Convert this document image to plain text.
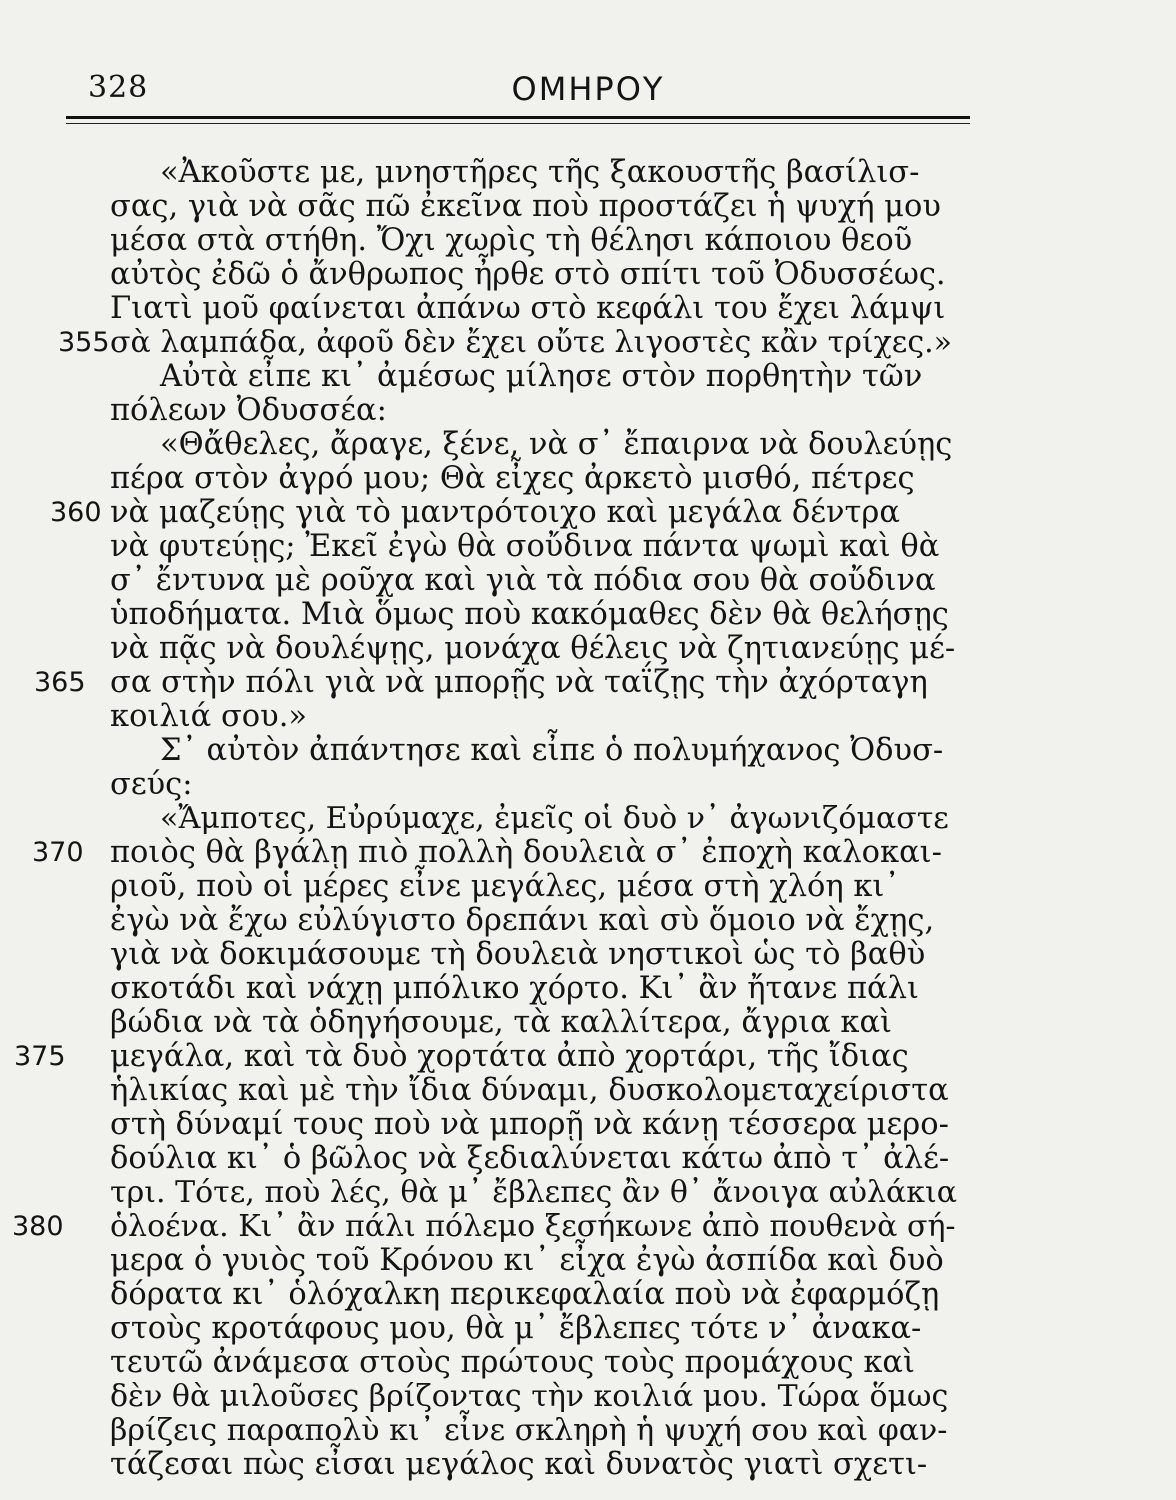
328	ΟΜΗΡΟΥ
«Ἀκοῦστε με, μνηστῆρες τῆς ξακουστῆς βασίλισ-
σας, γιὰ νὰ σᾶς πῶ ἐκεῖνα ποὺ προστάζει ἡ ψυχή μου
μέσα στὰ στήθη. Ὄχι χωρὶς τὴ θέλησι κάποιου θεοῦ
αὐτὸς ἐδῶ ὁ ἄνθρωπος ἦρθε στὸ σπίτι τοῦ Ὀδυσσέως.
Γιατὶ μοῦ φαίνεται ἀπάνω στὸ κεφάλι του ἔχει λάμψι
σὰ λαμπάδα, ἀφοῦ δὲν ἔχει οὔτε λιγοστὲς κἂν τρίχες.»
Αὐτὰ εἶπε κι᾿ ἀμέσως μίλησε στὸν πορθητὴν τῶν
πόλεων Ὀδυσσέα:
«Θἄθελες, ἄραγε, ξένε, νὰ σ᾿ ἔπαιρνα νὰ δουλεύῃς
πέρα στὸν ἀγρό μου; Θὰ εἶχες ἀρκετὸ μισθό, πέτρες
νὰ μαζεύῃς γιὰ τὸ μαντρότοιχο καὶ μεγάλα δέντρα
νὰ φυτεύῃς; Ἐκεῖ ἐγὼ θὰ σοὔδινα πάντα ψωμὶ καὶ θὰ
σ᾿ ἔντυνα μὲ ροῦχα καὶ γιὰ τὰ πόδια σου θὰ σοὔδινα
ὑποδήματα. Μιὰ ὅμως ποὺ κακόμαθες δὲν θὰ θελήσῃς
νὰ πᾷς νὰ δουλέψῃς, μονάχα θέλεις νὰ ζητιανεύῃς μέ-
σα στὴν πόλι γιὰ νὰ μπορῇς νὰ ταΐζῃς τὴν ἀχόρταγη
κοιλιά σου.»
Σ᾿ αὐτὸν ἀπάντησε καὶ εἶπε ὁ πολυμήχανος Ὀδυσ-
σεύς:
«Ἄμποτες, Εὐρύμαχε, ἐμεῖς οἱ δυὸ ν᾿ ἀγωνιζόμαστε
ποιὸς θὰ βγάλῃ πιὸ πολλὴ δουλειὰ σ᾿ ἐποχὴ καλοκαι-
ριοῦ, ποὺ οἱ μέρες εἶνε μεγάλες, μέσα στὴ χλόη κι᾿
ἐγὼ νὰ ἔχω εὐλύγιστο δρεπάνι καὶ σὺ ὅμοιο νὰ ἔχῃς,
γιὰ νὰ δοκιμάσουμε τὴ δουλειὰ νηστικοὶ ὡς τὸ βαθὺ
σκοτάδι καὶ νάχῃ μπόλικο χόρτο. Κι᾿ ἂν ἤτανε πάλι
βώδια νὰ τὰ ὁδηγήσουμε, τὰ καλλίτερα, ἄγρια καὶ
μεγάλα, καὶ τὰ δυὸ χορτάτα ἀπὸ χορτάρι, τῆς ἴδιας
ἡλικίας καὶ μὲ τὴν ἴδια δύναμι, δυσκολομεταχείριστα
στὴ δύναμί τους ποὺ νὰ μπορῇ νὰ κάνῃ τέσσερα μερο-
δούλια κι᾿ ὁ βῶλος νὰ ξεδιαλύνεται κάτω ἀπὸ τ᾿ ἀλέ-
τρι. Τότε, ποὺ λές, θὰ μ᾿ ἔβλεπες ἂν θ᾿ ἄνοιγα αὐλάκια
ὁλοένα. Κι᾿ ἂν πάλι πόλεμο ξεσήκωνε ἀπὸ πουθενὰ σή-
μερα ὁ γυιὸς τοῦ Κρόνου κι᾿ εἶχα ἐγὼ ἀσπίδα καὶ δυὸ
δόρατα κι᾿ ὁλόχαλκη περικεφαλαία ποὺ νὰ ἐφαρμόζῃ
στοὺς κροτάφους μου, θὰ μ᾿ ἔβλεπες τότε ν᾿ ἀνακα-
τευτῶ ἀνάμεσα στοὺς πρώτους τοὺς προμάχους καὶ
δὲν θὰ μιλοῦσες βρίζοντας τὴν κοιλιά μου. Τώρα ὅμως
βρίζεις παραπολὺ κι᾿ εἶνε σκληρὴ ἡ ψυχή σου καὶ φαν-
τάζεσαι πὼς εἶσαι μεγάλος καὶ δυνατὸς γιατὶ σχετι-
355
360
365
370
375
380
